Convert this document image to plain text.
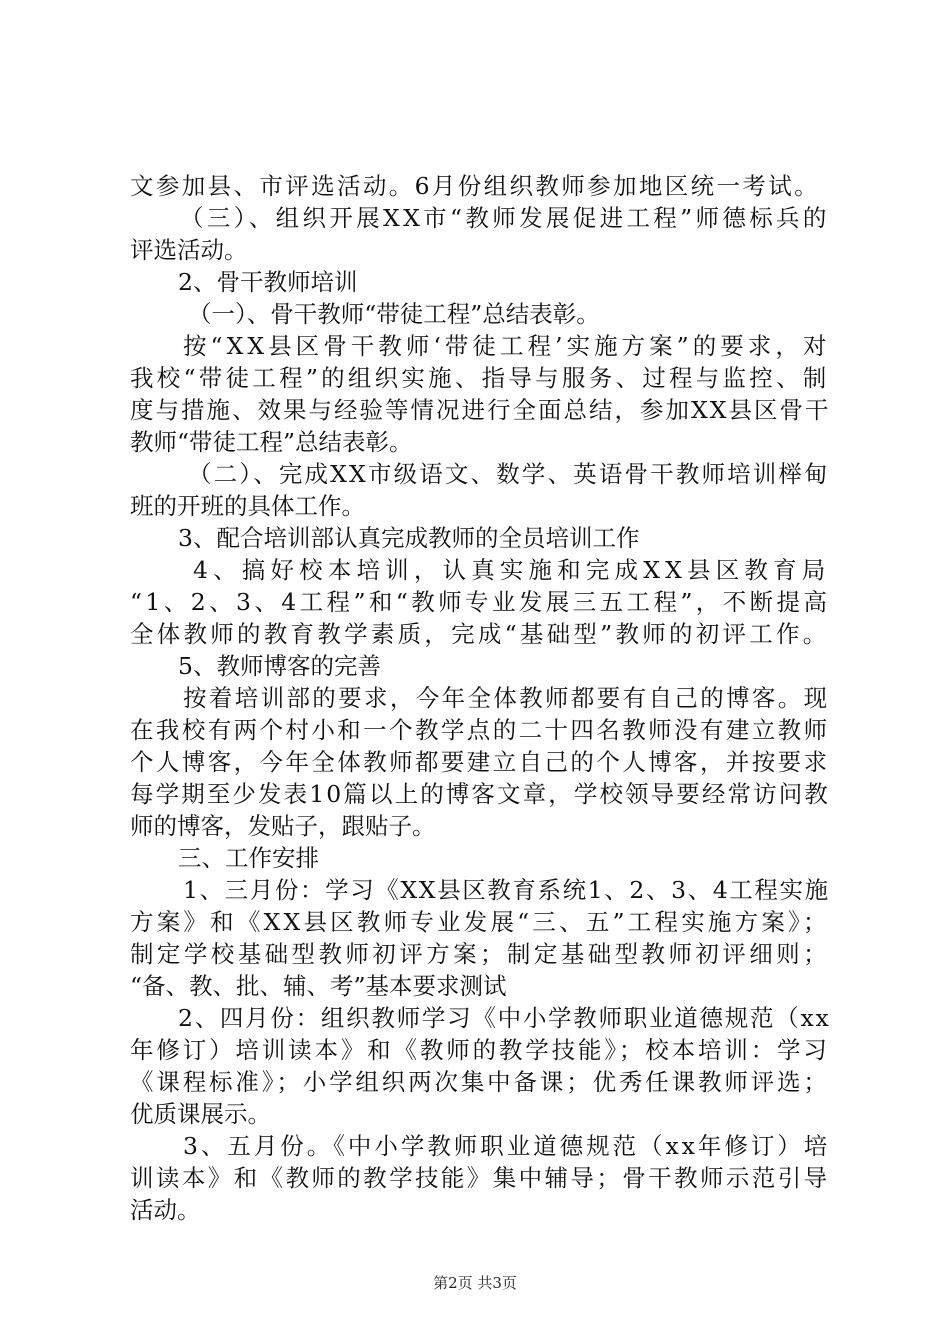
文参加县、市评选活动。6月份组织教师参加地区统一考试。
（三）、组织开展XX市“教师发展促进工程”师德标兵的
评选活动。
2、骨干教师培训
（一）、骨干教师“带徒工程”总结表彰。
按“XX县区骨干教师‘带徒工程’实施方案”的要求，对
我校“带徒工程”的组织实施、指导与服务、过程与监控、制
度与措施、效果与经验等情况进行全面总结，参加XX县区骨干
教师“带徒工程”总结表彰。
（二）、完成XX市级语文、数学、英语骨干教师培训榉甸
班的开班的具体工作。
3、配合培训部认真完成教师的全员培训工作
4、搞好校本培训，认真实施和完成XX县区教育局
“1、2、3、4工程”和“教师专业发展三五工程”，不断提高
全体教师的教育教学素质，完成“基础型”教师的初评工作。
5、教师博客的完善
按着培训部的要求，今年全体教师都要有自己的博客。现
在我校有两个村小和一个教学点的二十四名教师没有建立教师
个人博客，今年全体教师都要建立自己的个人博客，并按要求
每学期至少发表10篇以上的博客文章，学校领导要经常访问教
师的博客，发贴子，跟贴子。
三、工作安排
1、三月份：学习《XX县区教育系统1、2、3、4工程实施
方案》和《XX县区教师专业发展“三、五”工程实施方案》；
制定学校基础型教师初评方案；制定基础型教师初评细则；
“备、教、批、辅、考”基本要求测试
2、四月份：组织教师学习《中小学教师职业道德规范（xx
年修订）培训读本》和《教师的教学技能》；校本培训：学习
《课程标准》；小学组织两次集中备课；优秀任课教师评选；
优质课展示。
3、五月份。《中小学教师职业道德规范（xx年修订）培
训读本》和《教师的教学技能》集中辅导；骨干教师示范引导
活动。
第2页 共3页
